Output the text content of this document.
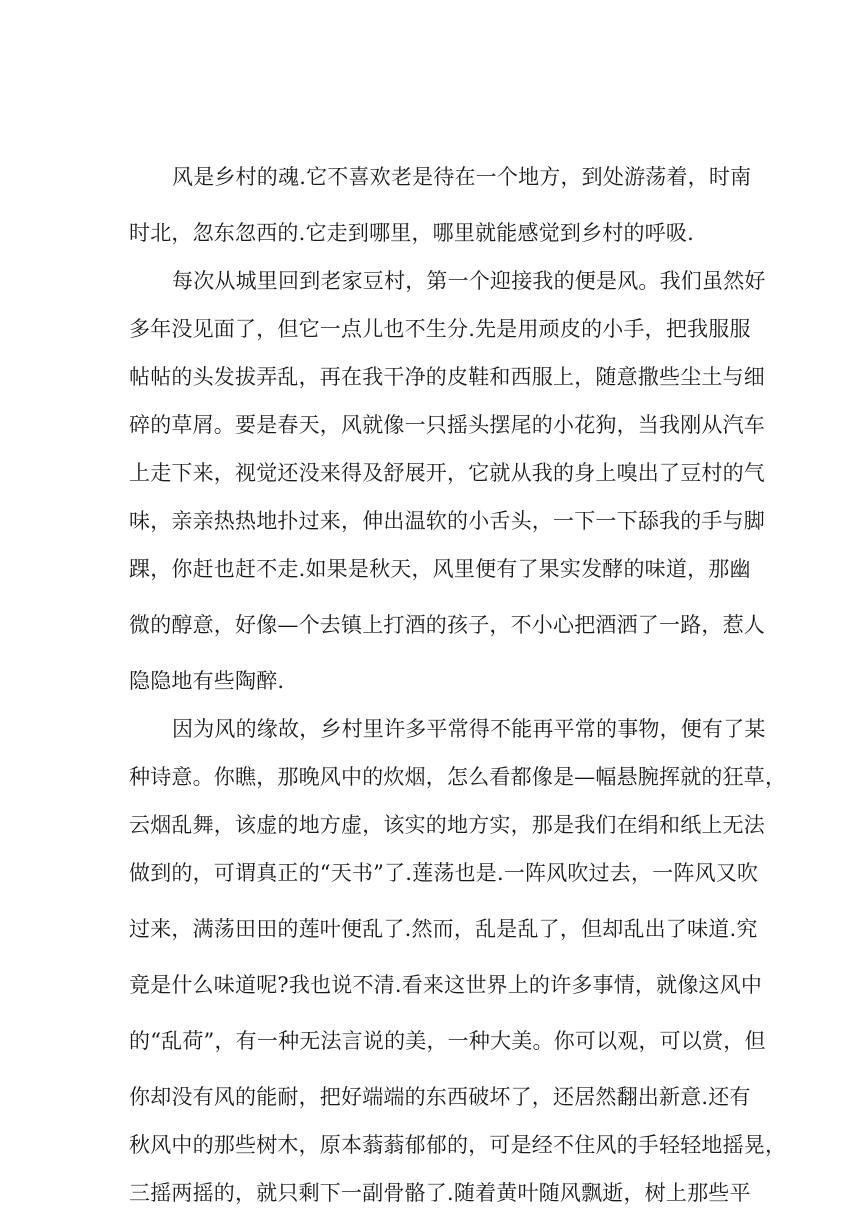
风是乡村的魂.它不喜欢老是待在一个地方，到处游荡着，时南
时北，忽东忽西的.它走到哪里，哪里就能感觉到乡村的呼吸.
每次从城里回到老家豆村，第一个迎接我的便是风。我们虽然好
多年没见面了，但它一点儿也不生分.先是用顽皮的小手，把我服服
帖帖的头发拔弄乱，再在我干净的皮鞋和西服上，随意撒些尘土与细
碎的草屑。要是春天，风就像一只摇头摆尾的小花狗，当我刚从汽车
上走下来，视觉还没来得及舒展开，它就从我的身上嗅出了豆村的气
味，亲亲热热地扑过来，伸出温软的小舌头，一下一下舔我的手与脚
踝，你赶也赶不走.如果是秋天，风里便有了果实发酵的味道，那幽
微的醇意，好像—个去镇上打酒的孩子，不小心把酒洒了一路，惹人
隐隐地有些陶醉.
因为风的缘故，乡村里许多平常得不能再平常的事物，便有了某
种诗意。你瞧，那晚风中的炊烟，怎么看都像是—幅悬腕挥就的狂草，
云烟乱舞，该虚的地方虚，该实的地方实，那是我们在绢和纸上无法
做到的，可谓真正的“天书”了.莲荡也是.一阵风吹过去，一阵风又吹
过来，满荡田田的莲叶便乱了.然而，乱是乱了，但却乱出了味道.究
竟是什么味道呢?我也说不清.看来这世界上的许多事情，就像这风中
的“乱荷”，有一种无法言说的美，一种大美。你可以观，可以赏，但
你却没有风的能耐，把好端端的东西破坏了，还居然翻出新意.还有
秋风中的那些树木，原本蓊蓊郁郁的，可是经不住风的手轻轻地摇晃，
三摇两摇的，就只剩下一副骨骼了.随着黄叶随风飘逝，树上那些平
